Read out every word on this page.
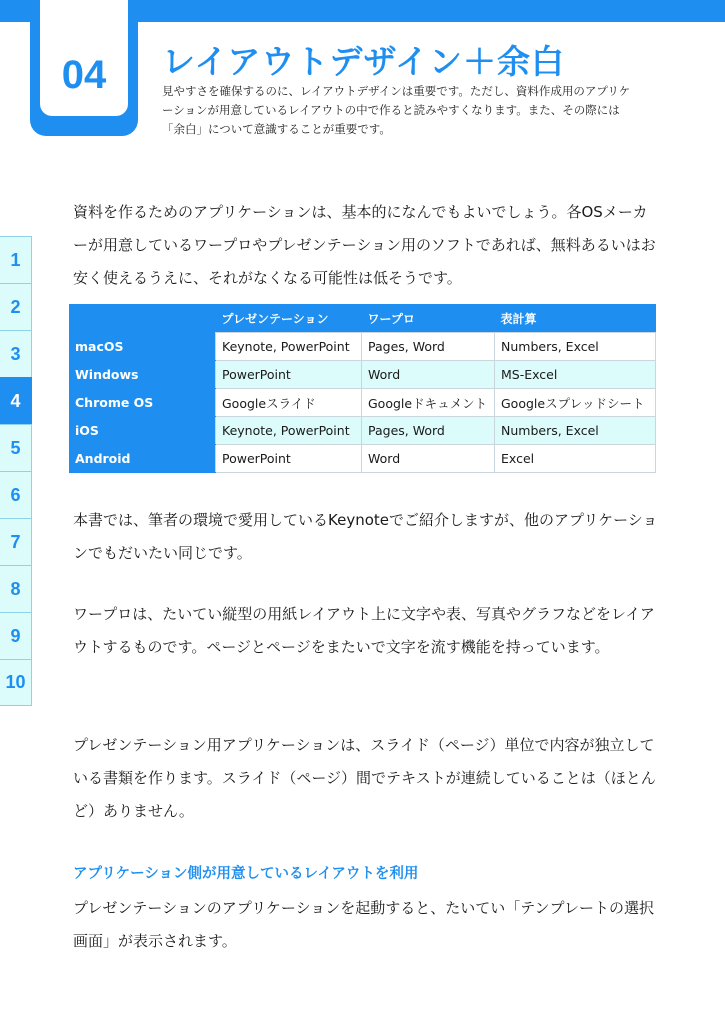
04 レイアウトデザイン＋余白
見やすさを確保するのに、レイアウトデザインは重要です。ただし、資料作成用のアプリケーションが用意しているレイアウトの中で作ると読みやすくなります。また、その際には「余白」について意識することが重要です。
1
2
3
4
5
6
7
8
9
10
資料を作るためのアプリケーションは、基本的になんでもよいでしょう。各OSメーカーが用意しているワープロやプレゼンテーション用のソフトであれば、無料あるいはお安く使えるうえに、それがなくなる可能性は低そうです。
	プレゼンテーション	ワープロ	表計算
macOS	Keynote, PowerPoint	Pages, Word	Numbers, Excel
Windows	PowerPoint	Word	MS-Excel
Chrome OS	Googleスライド	Googleドキュメント	Googleスプレッドシート
iOS	Keynote, PowerPoint	Pages, Word	Numbers, Excel
Android	PowerPoint	Word	Excel
本書では、筆者の環境で愛用しているKeynoteでご紹介しますが、他のアプリケーションでもだいたい同じです。
ワープロは、たいてい縦型の用紙レイアウト上に文字や表、写真やグラフなどをレイアウトするものです。ページとページをまたいで文字を流す機能を持っています。
プレゼンテーション用アプリケーションは、スライド（ページ）単位で内容が独立している書類を作ります。スライド（ページ）間でテキストが連続していることは（ほとんど）ありません。
アプリケーション側が用意しているレイアウトを利用
プレゼンテーションのアプリケーションを起動すると、たいてい「テンプレートの選択画面」が表示されます。
